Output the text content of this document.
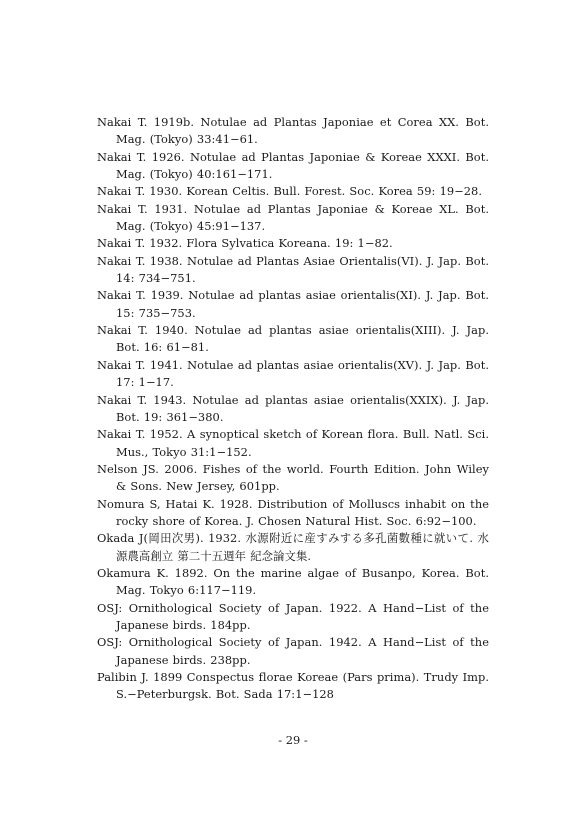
Nakai T. 1919b. Notulae ad Plantas Japoniae et Corea XX. Bot. Mag. (Tokyo) 33:41−61.
Nakai T. 1926. Notulae ad Plantas Japoniae & Koreae XXXI. Bot. Mag. (Tokyo) 40:161−171.
Nakai T. 1930. Korean Celtis. Bull. Forest. Soc. Korea 59: 19−28.
Nakai T. 1931. Notulae ad Plantas Japoniae & Koreae XL. Bot. Mag. (Tokyo) 45:91−137.
Nakai T. 1932. Flora Sylvatica Koreana. 19: 1−82.
Nakai T. 1938. Notulae ad Plantas Asiae Orientalis(VI). J. Jap. Bot. 14: 734−751.
Nakai T. 1939. Notulae ad plantas asiae orientalis(XI). J. Jap. Bot. 15: 735−753.
Nakai T. 1940. Notulae ad plantas asiae orientalis(XIII). J. Jap. Bot. 16: 61−81.
Nakai T. 1941. Notulae ad plantas asiae orientalis(XV). J. Jap. Bot. 17: 1−17.
Nakai T. 1943. Notulae ad plantas asiae orientalis(XXIX). J. Jap. Bot. 19: 361−380.
Nakai T. 1952. A synoptical sketch of Korean flora. Bull. Natl. Sci. Mus., Tokyo 31:1−152.
Nelson JS. 2006. Fishes of the world. Fourth Edition. John Wiley & Sons. New Jersey, 601pp.
Nomura S, Hatai K. 1928. Distribution of Molluscs inhabit on the rocky shore of Korea. J. Chosen Natural Hist. Soc. 6:92−100.
Okada J(岡田次男). 1932. 水源附近に産すみする多孔菌數種に就いて. 水源農高創立 第二十五週年 紀念論文集.
Okamura K. 1892. On the marine algae of Busanpo, Korea. Bot. Mag. Tokyo 6:117−119.
OSJ: Ornithological Society of Japan. 1922. A Hand−List of the Japanese birds. 184pp.
OSJ: Ornithological Society of Japan. 1942. A Hand−List of the Japanese birds. 238pp.
Palibin J. 1899 Conspectus florae Koreae (Pars prima). Trudy Imp. S.−Peterburgsk. Bot. Sada 17:1−128
- 29 -
